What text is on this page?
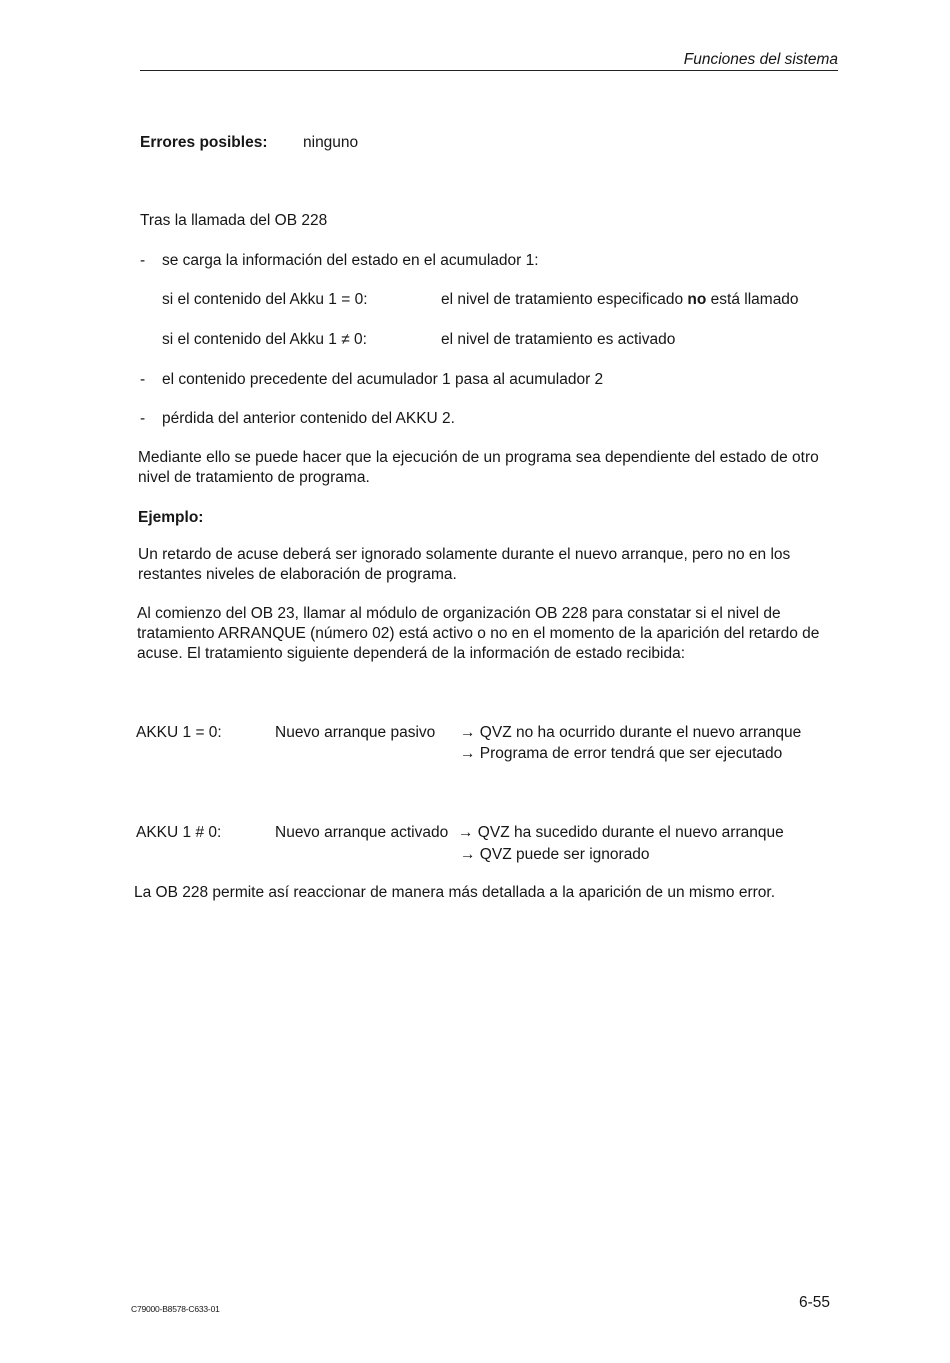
Funciones del sistema
Errores posibles: ninguno
Tras la llamada del OB 228
-	se carga la información del estado en el acumulador 1:
si el contenido del Akku 1 = 0:	el nivel de tratamiento especificado no está llamado
si el contenido del Akku 1 ≠ 0:	el nivel de tratamiento es activado
-	el contenido precedente del acumulador 1 pasa al acumulador 2
-	pérdida del anterior contenido del AKKU 2.
Mediante ello se puede hacer que la ejecución de un programa sea dependiente del estado de otro nivel de tratamiento de programa.
Ejemplo:
Un retardo de acuse deberá ser ignorado solamente durante el nuevo arranque, pero no en los restantes niveles de elaboración de programa.
Al comienzo del OB 23, llamar al módulo de organización OB 228 para constatar si el nivel de tratamiento ARRANQUE (número 02) está activo o no en el momento de la aparición del retardo de acuse. El tratamiento siguiente dependerá de la información de estado recibida:
AKKU 1 = 0:	Nuevo arranque pasivo → QVZ no ha ocurrido durante el nuevo arranque
→ Programa de error tendrá que ser ejecutado
AKKU 1 # 0:	Nuevo arranque activado → QVZ ha sucedido durante el nuevo arranque
→ QVZ puede ser ignorado
La OB 228 permite así reaccionar de manera más detallada a la aparición de un mismo error.
C79000-B8578-C633-01	6-55
